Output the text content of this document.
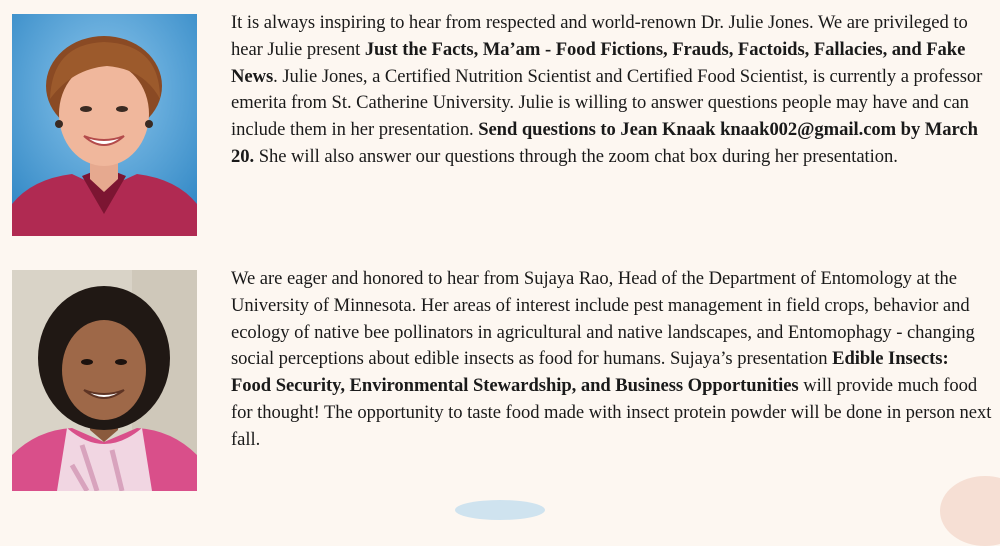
It is always inspiring to hear from respected and world-renown Dr. Julie Jones. We are privileged to hear Julie present Just the Facts, Ma’am - Food Fictions, Frauds, Factoids, Fallacies, and Fake News. Julie Jones, a Certified Nutrition Scientist and Certified Food Scientist, is currently a professor emerita from St. Catherine University. Julie is willing to answer questions people may have and can include them in her presentation. Send questions to Jean Knaak knaak002@gmail.com by March 20. She will also answer our questions through the zoom chat box during her presentation.

We are eager and honored to hear from Sujaya Rao, Head of the Department of Entomology at the University of Minnesota. Her areas of interest include pest management in field crops, behavior and ecology of native bee pollinators in agricultural and native landscapes, and Entomophagy - changing social perceptions about edible insects as food for humans. Sujaya’s presentation Edible Insects: Food Security, Environmental Stewardship, and Business Opportunities will provide much food for thought! The opportunity to taste food made with insect protein powder will be done in person next fall.
